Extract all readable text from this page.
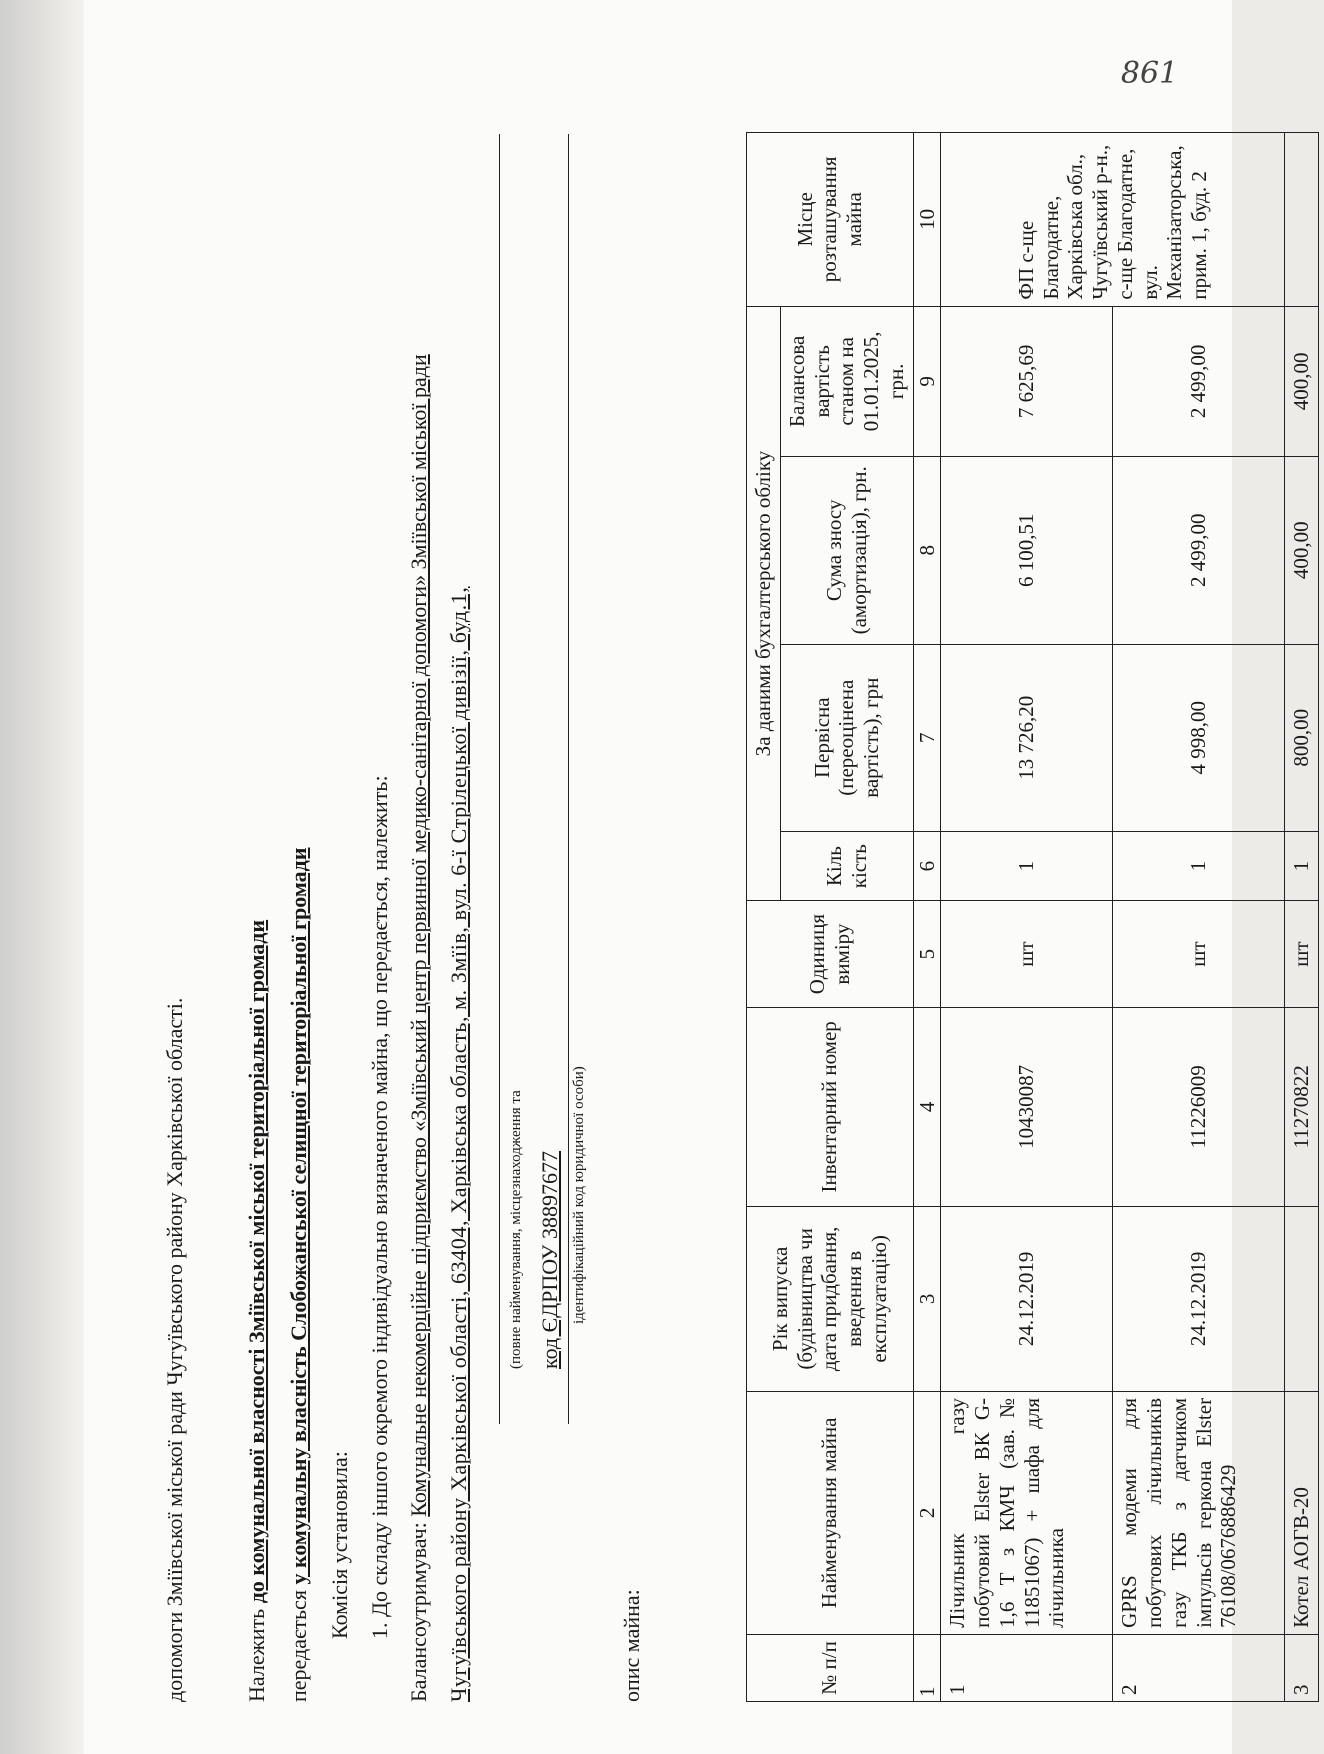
допомоги Зміївської міської ради Чугуївського району Харківської області.	Належить до комунальної власності Зміївської міської територіальної громади
передається у комунальну власність Слобожанської селищної територіальної громади Комісія установила: 1. До складу іншого окремого індивідуально визначеного майна, що передається, належить: Балансоутримувач: Комунальне некомерційне підприємство «Зміївський центр первинної медико-санітарної допомоги» Зміївської міської ради Чугуївського району Харківської області, 63404, Харківська область, м. Змїів, вул. 6-ї Стрілецької дивізії, буд.1, (повне найменування, місцезнаходження та код ЄДРПОУ 38897677 ідентифікаційний код юридичної особи)
опис майна:
861
№ п/п	Найменування майна	Рік випуска (будівництва чи дата придбання, введення в експлуатацію)	Інвентарний номер	Одиниця виміру	За даними бухгалтерського обліку				Місце розташування майна
					Кіль кість	Первісна (переоцінена вартість), грн	Сума зносу (амортизація), грн.	Балансова вартість станом на 01.01.2025, грн.	
1	2	3	4	5	6	7	8	9	10
1	Лічильник газу побутовий Elster ВК G-1,6 Т з КМЧ (зав.№ 11851067) + шафа для лічильника	24.12.2019	10430087	шт	1	13 726,20	6 100,51	7 625,69	ФП с-ще Благодатне, Харківська обл., Чугуївський р-н., с-ще Благодатне, вул. Механізаторська, прим. 1, буд. 2
2	GPRS модеми для побутових лічильників газу ТКБ з датчиком імпульсів геркона Elster 76108/0676886429	24.12.2019	11226009	шт	1	4 998,00	2 499,00	2 499,00	
3	Котел АОГВ-20		11270822	шт	1	800,00	400,00	400,00	
